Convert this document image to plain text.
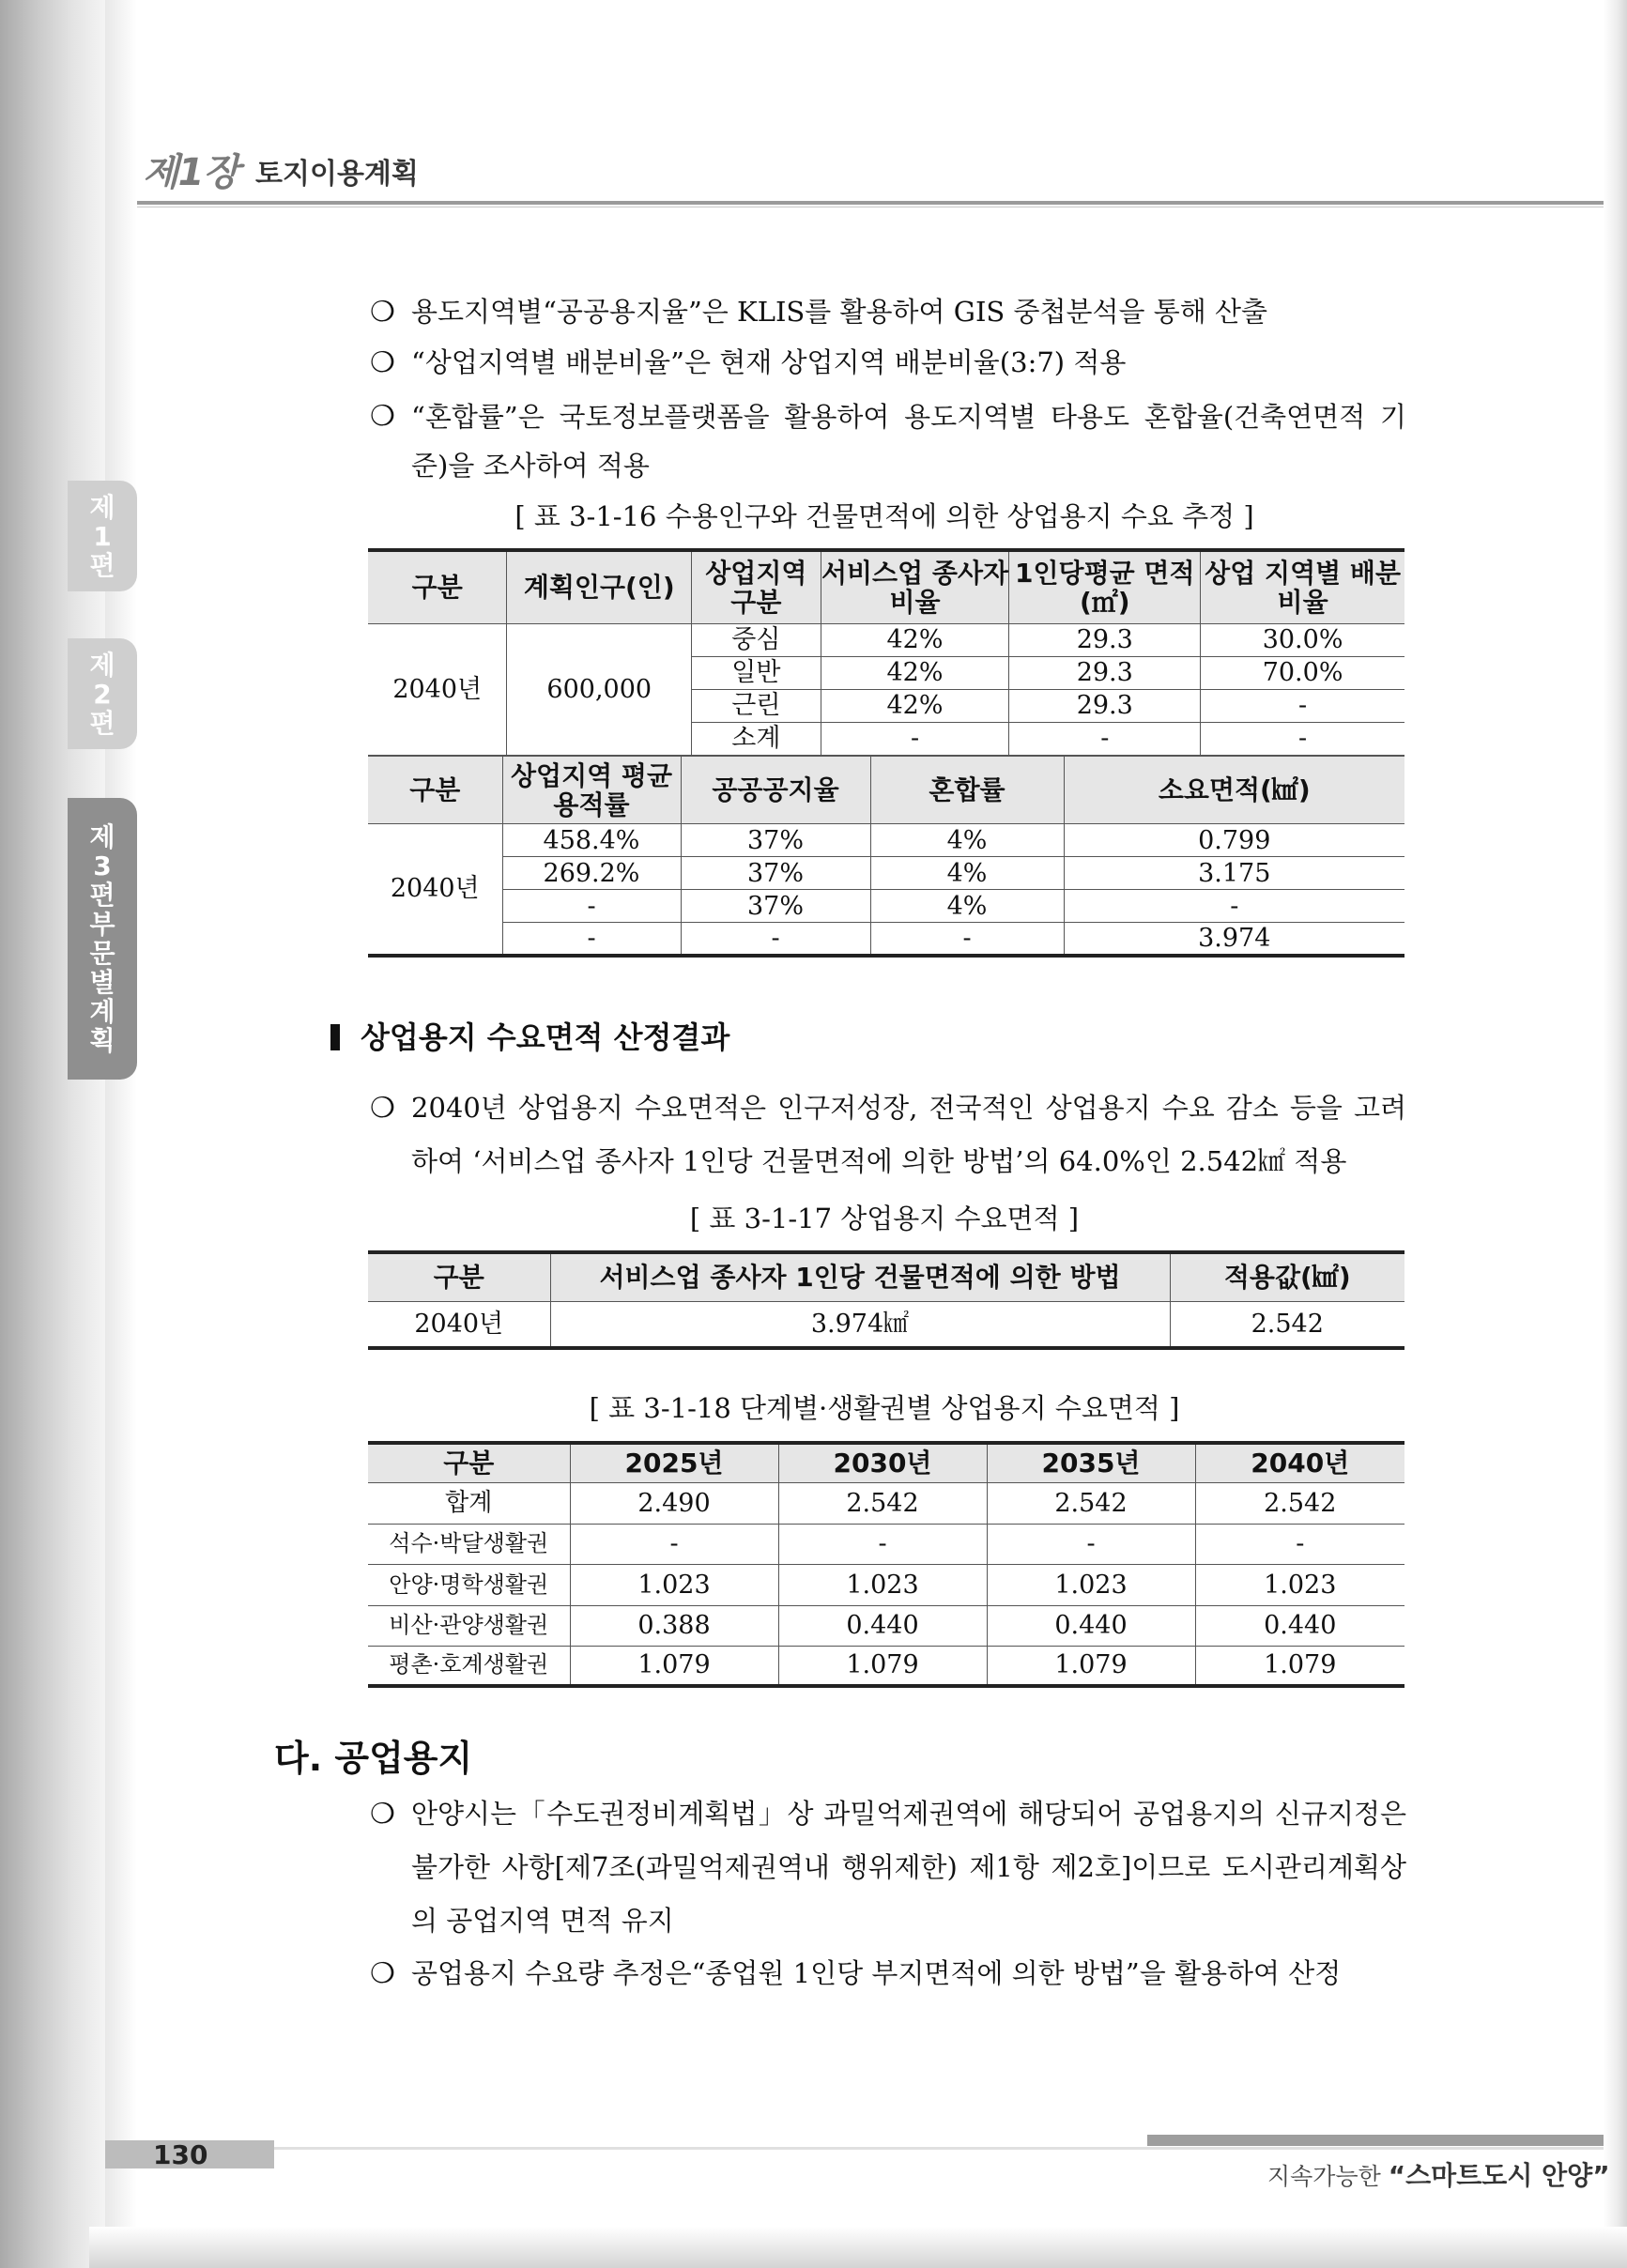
제1장 토지이용계획
제
1
편
제
2
편
제
3
편
부
문
별
계
획
❍ 용도지역별“공공용지율”은 KLIS를 활용하여 GIS 중첩분석을 통해 산출
❍ “상업지역별 배분비율”은 현재 상업지역 배분비율(3:7) 적용
❍ “혼합률”은 국토정보플랫폼을 활용하여 용도지역별 타용도 혼합율(건축연면적 기준)을 조사하여 적용
[ 표 3-1-16 수용인구와 건물면적에 의한 상업용지 수요 추정 ]
구분	계획인구(인)	상업지역 구분	서비스업 종사자 비율	1인당평균 면적 (㎡)	상업 지역별 배분 비율
2040년	600,000	중심	42%	29.3	30.0%
		일반	42%	29.3	70.0%
		근린	42%	29.3	-
		소계	-	-	-
구분	상업지역 평균 용적률	공공공지율	혼합률	소요면적(㎢)
2040년	458.4%	37%	4%	0.799
	269.2%	37%	4%	3.175
	-	37%	4%	-
	-	-	-	3.974
상업용지 수요면적 산정결과
❍ 2040년 상업용지 수요면적은 인구저성장, 전국적인 상업용지 수요 감소 등을 고려하여 ‘서비스업 종사자 1인당 건물면적에 의한 방법’의 64.0%인 2.542㎢ 적용
[ 표 3-1-17 상업용지 수요면적 ]
구분	서비스업 종사자 1인당 건물면적에 의한 방법	적용값(㎢)
2040년	3.974㎢	2.542
[ 표 3-1-18 단계별·생활권별 상업용지 수요면적 ]
구분	2025년	2030년	2035년	2040년
합계	2.490	2.542	2.542	2.542
석수·박달생활권	-	-	-	-
안양·명학생활권	1.023	1.023	1.023	1.023
비산·관양생활권	0.388	0.440	0.440	0.440
평촌·호계생활권	1.079	1.079	1.079	1.079
다. 공업용지
❍ 안양시는「수도권정비계획법」상 과밀억제권역에 해당되어 공업용지의 신규지정은 불가한 사항[제7조(과밀억제권역내 행위제한) 제1항 제2호]이므로 도시관리계획상의 공업지역 면적 유지
❍ 공업용지 수요량 추정은“종업원 1인당 부지면적에 의한 방법”을 활용하여 산정
130
지속가능한 “스마트도시 안양”
